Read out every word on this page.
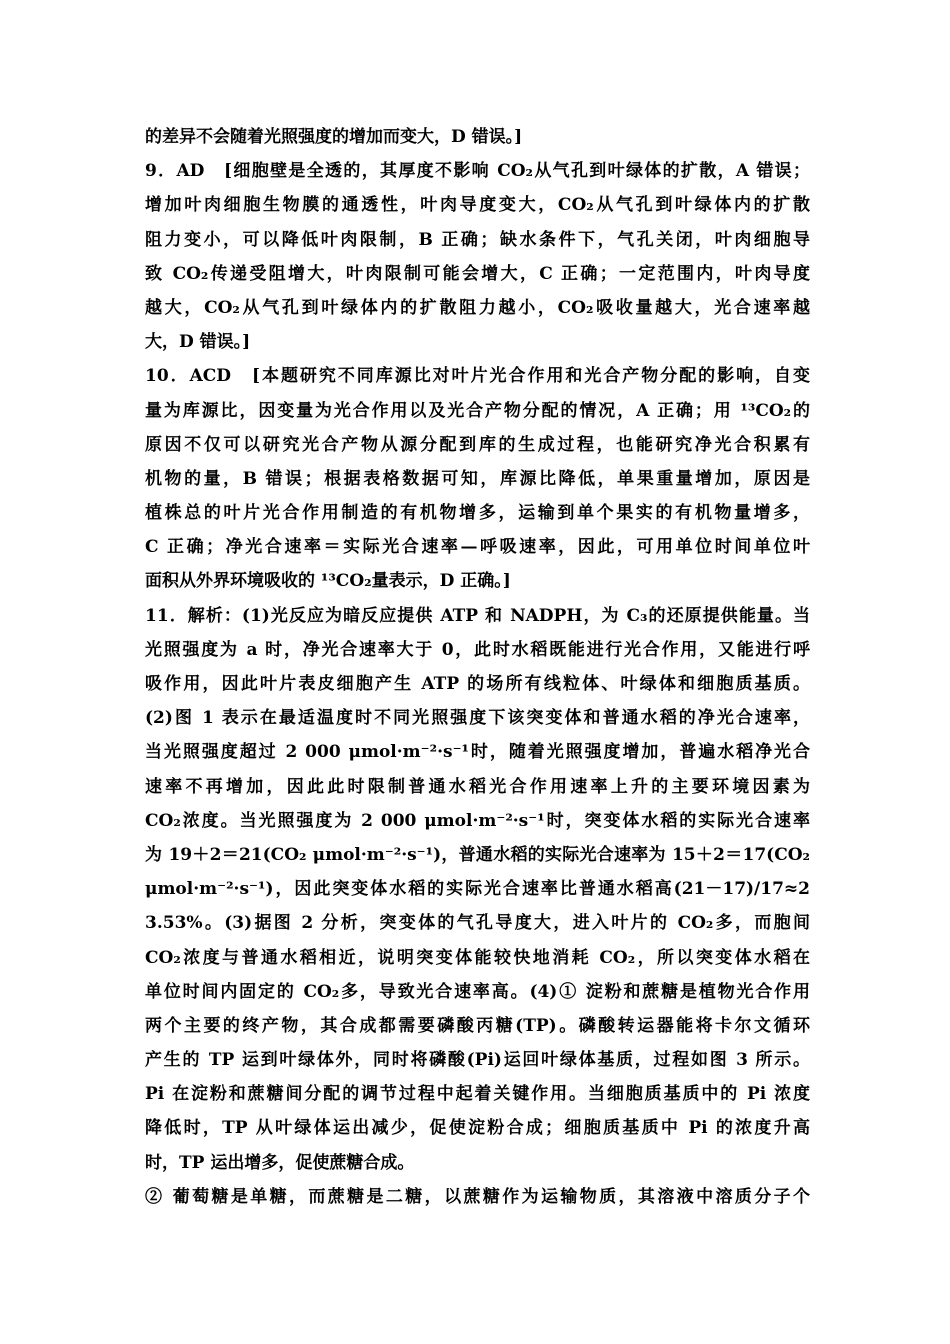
的差异不会随着光照强度的增加而变大，D 错误。]
9．AD　[细胞壁是全透的，其厚度不影响 CO₂从气孔到叶绿体的扩散，A 错误；
增加叶肉细胞生物膜的通透性，叶肉导度变大，CO₂从气孔到叶绿体内的扩散
阻力变小，可以降低叶肉限制，B 正确；缺水条件下，气孔关闭，叶肉细胞导
致 CO₂传递受阻增大，叶肉限制可能会增大，C 正确；一定范围内，叶肉导度
越大，CO₂从气孔到叶绿体内的扩散阻力越小，CO₂吸收量越大，光合速率越
大，D 错误。]
10．ACD　[本题研究不同库源比对叶片光合作用和光合产物分配的影响，自变
量为库源比，因变量为光合作用以及光合产物分配的情况，A 正确；用 ¹³CO₂的
原因不仅可以研究光合产物从源分配到库的生成过程，也能研究净光合积累有
机物的量，B 错误；根据表格数据可知，库源比降低，单果重量增加，原因是
植株总的叶片光合作用制造的有机物增多，运输到单个果实的有机物量增多，
C 正确；净光合速率＝实际光合速率—呼吸速率，因此，可用单位时间单位叶
面积从外界环境吸收的 ¹³CO₂量表示，D 正确。]
11．解析：(1)光反应为暗反应提供 ATP 和 NADPH，为 C₃的还原提供能量。当
光照强度为 a 时，净光合速率大于 0，此时水稻既能进行光合作用，又能进行呼
吸作用，因此叶片表皮细胞产生 ATP 的场所有线粒体、叶绿体和细胞质基质。
(2)图 1 表示在最适温度时不同光照强度下该突变体和普通水稻的净光合速率，
当光照强度超过 2 000 μmol·m⁻²·s⁻¹时，随着光照强度增加，普遍水稻净光合
速率不再增加，因此此时限制普通水稻光合作用速率上升的主要环境因素为
CO₂浓度。当光照强度为 2 000 μmol·m⁻²·s⁻¹时，突变体水稻的实际光合速率
为 19＋2＝21(CO₂ μmol·m⁻²·s⁻¹)，普通水稻的实际光合速率为 15＋2＝17(CO₂
μmol·m⁻²·s⁻¹)，因此突变体水稻的实际光合速率比普通水稻高(21－17)/17≈2
3.53%。(3)据图 2 分析，突变体的气孔导度大，进入叶片的 CO₂多，而胞间
CO₂浓度与普通水稻相近，说明突变体能较快地消耗 CO₂，所以突变体水稻在
单位时间内固定的 CO₂多，导致光合速率高。(4)① 淀粉和蔗糖是植物光合作用
两个主要的终产物，其合成都需要磷酸丙糖(TP)。磷酸转运器能将卡尔文循环
产生的 TP 运到叶绿体外，同时将磷酸(Pi)运回叶绿体基质，过程如图 3 所示。
Pi 在淀粉和蔗糖间分配的调节过程中起着关键作用。当细胞质基质中的 Pi 浓度
降低时，TP 从叶绿体运出减少，促使淀粉合成；细胞质基质中 Pi 的浓度升高
时，TP 运出增多，促使蔗糖合成。
② 葡萄糖是单糖，而蔗糖是二糖，以蔗糖作为运输物质，其溶液中溶质分子个
